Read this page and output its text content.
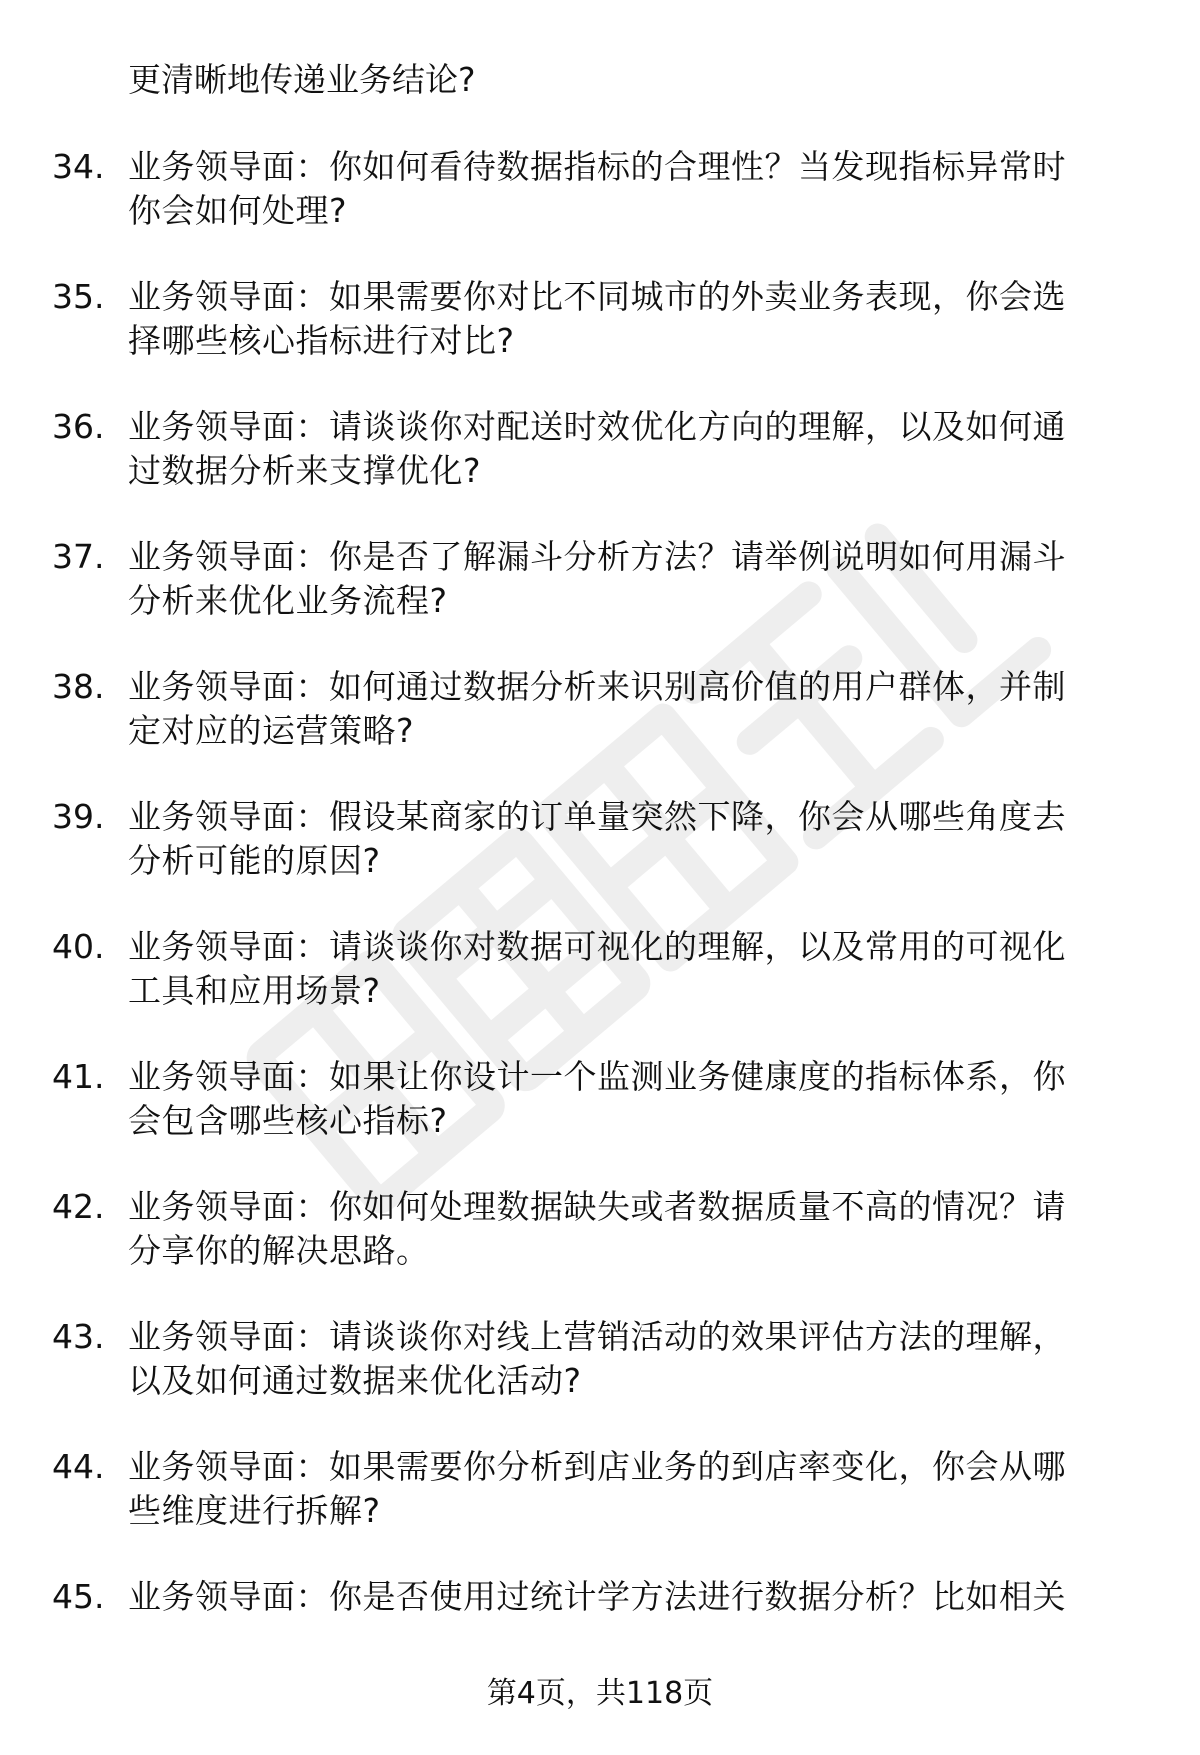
更清晰地传递业务结论?
34. 业务领导面：你如何看待数据指标的合理性？当发现指标异常时
你会如何处理?
35. 业务领导面：如果需要你对比不同城市的外卖业务表现，你会选
择哪些核心指标进行对比?
36. 业务领导面：请谈谈你对配送时效优化方向的理解，以及如何通
过数据分析来支撑优化?
37. 业务领导面：你是否了解漏斗分析方法？请举例说明如何用漏斗
分析来优化业务流程?
38. 业务领导面：如何通过数据分析来识别高价值的用户群体，并制
定对应的运营策略?
39. 业务领导面：假设某商家的订单量突然下降，你会从哪些角度去
分析可能的原因?
40. 业务领导面：请谈谈你对数据可视化的理解，以及常用的可视化
工具和应用场景?
41. 业务领导面：如果让你设计一个监测业务健康度的指标体系，你
会包含哪些核心指标?
42. 业务领导面：你如何处理数据缺失或者数据质量不高的情况？请
分享你的解决思路。
43. 业务领导面：请谈谈你对线上营销活动的效果评估方法的理解，
以及如何通过数据来优化活动?
44. 业务领导面：如果需要你分析到店业务的到店率变化，你会从哪
些维度进行拆解?
45. 业务领导面：你是否使用过统计学方法进行数据分析？比如相关
第4页，共118页
